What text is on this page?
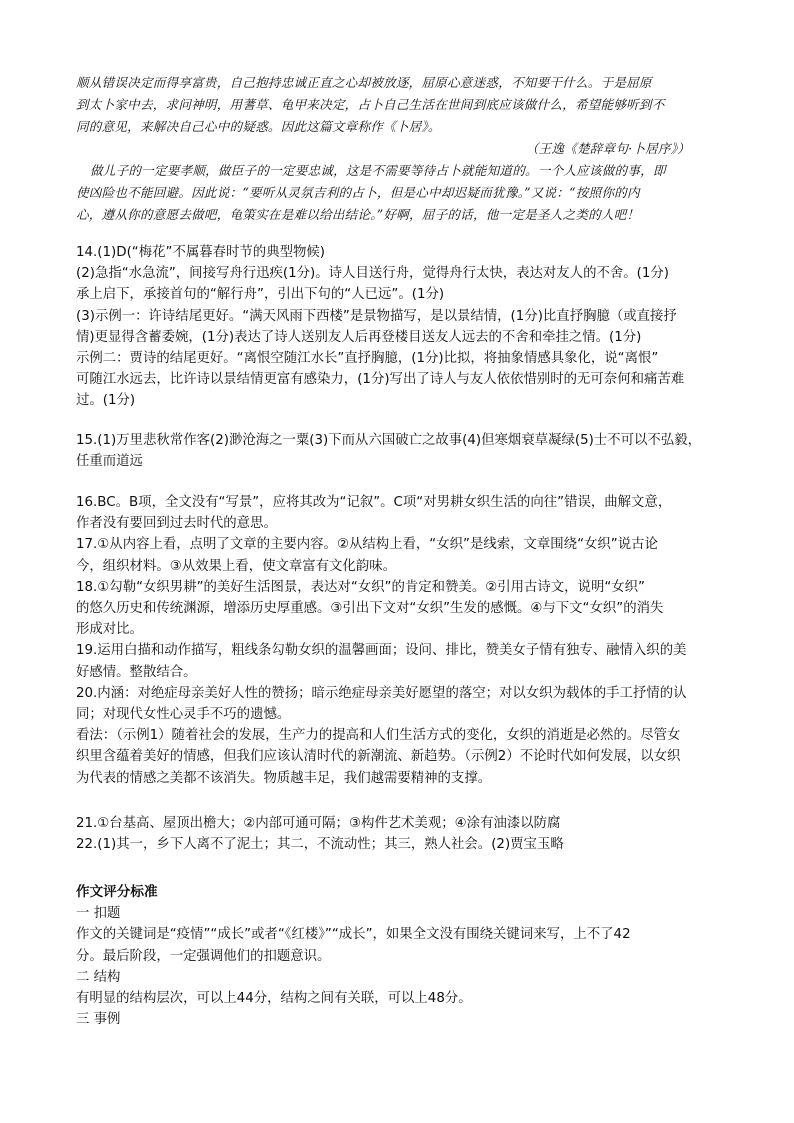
顺从错误决定而得享富贵，自己抱持忠诚正直之心却被放逐，屈原心意迷惑，不知要干什么。于是屈原
到太卜家中去，求问神明，用蓍草、龟甲来决定，占卜自己生活在世间到底应该做什么，希望能够听到不
同的意见，来解决自己心中的疑惑。因此这篇文章称作《卜居》。
（王逸《楚辞章句·卜居序》）
做儿子的一定要孝顺，做臣子的一定要忠诚，这是不需要等待占卜就能知道的。一个人应该做的事，即
使凶险也不能回避。因此说：“要听从灵氛吉利的占卜，但是心中却迟疑而犹豫。”又说：“按照你的内
心，遵从你的意愿去做吧，龟策实在是难以给出结论。”好啊，屈子的话，他一定是圣人之类的人吧！
14.(1)D(“梅花”不属暮春时节的典型物候)
(2)急指“水急流”，间接写舟行迅疾(1分)。诗人目送行舟，觉得舟行太快，表达对友人的不舍。(1分)
承上启下，承接首句的“解行舟”，引出下句的“人已远”。(1分)
(3)示例一：许诗结尾更好。“满天风雨下西楼”是景物描写，是以景结情，(1分)比直抒胸臆（或直接抒
情)更显得含蓄委婉，(1分)表达了诗人送别友人后再登楼目送友人远去的不舍和牵挂之情。(1分)
示例二：贾诗的结尾更好。“离恨空随江水长”直抒胸臆，(1分)比拟，将抽象情感具象化，说“离恨”
可随江水远去，比许诗以景结情更富有感染力，(1分)写出了诗人与友人依依惜别时的无可奈何和痛苦难
过。(1分)
15.(1)万里悲秋常作客(2)渺沧海之一粟(3)下而从六国破亡之故事(4)但寒烟衰草凝绿(5)士不可以不弘毅，
任重而道远
16.BC。B项，全文没有“写景”，应将其改为“记叙”。C项“对男耕女织生活的向往”错误，曲解文意，
作者没有要回到过去时代的意思。
17.①从内容上看，点明了文章的主要内容。②从结构上看，“女织”是线索，文章围绕“女织”说古论
今，组织材料。③从效果上看，使文章富有文化韵味。
18.①勾勒“女织男耕”的美好生活图景，表达对“女织”的肯定和赞美。②引用古诗文，说明“女织”
的悠久历史和传统渊源，增添历史厚重感。③引出下文对“女织”生发的感慨。④与下文“女织”的消失
形成对比。
19.运用白描和动作描写，粗线条勾勒女织的温馨画面；设问、排比，赞美女子情有独专、融情入织的美
好感情。整散结合。
20.内涵：对绝症母亲美好人性的赞扬；暗示绝症母亲美好愿望的落空；对以女织为载体的手工抒情的认
同；对现代女性心灵手不巧的遗憾。
看法：（示例1）随着社会的发展，生产力的提高和人们生活方式的变化，女织的消逝是必然的。尽管女
织里含蕴着美好的情感，但我们应该认清时代的新潮流、新趋势。（示例2）不论时代如何发展，以女织
为代表的情感之美都不该消失。物质越丰足，我们越需要精神的支撑。
21.①台基高、屋顶出檐大；②内部可通可隔；③构件艺术美观；④涂有油漆以防腐
22.(1)其一，乡下人离不了泥土；其二，不流动性；其三，熟人社会。(2)贾宝玉略
作文评分标准
一 扣题
作文的关键词是“疫情”“成长”或者“《红楼》”“成长”，如果全文没有围绕关键词来写，上不了42
分。最后阶段，一定强调他们的扣题意识。
二 结构
有明显的结构层次，可以上44分，结构之间有关联，可以上48分。
三 事例
